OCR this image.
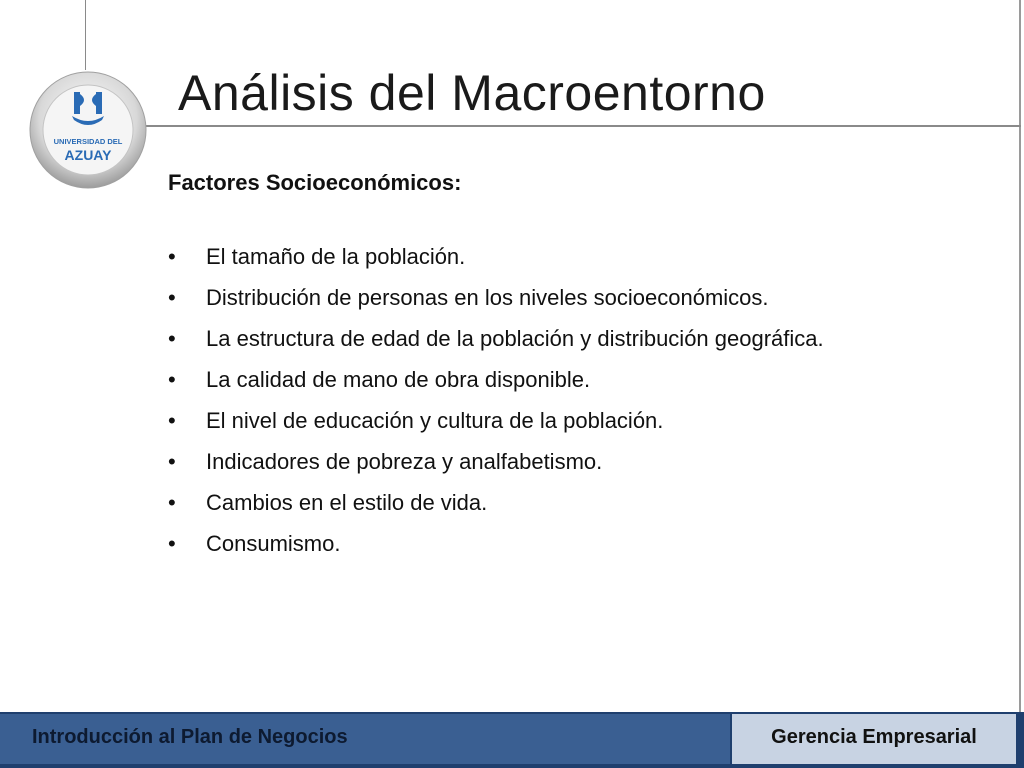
UNIVERSIDAD DEL
AZUAY
Análisis del Macroentorno

Factores Socioeconómicos:

• El tamaño de la población.
• Distribución de personas en los niveles socioeconómicos.
• La estructura de edad de la población y distribución geográfica.
• La calidad de mano de obra disponible.
• El nivel de educación y cultura de la población.
• Indicadores de pobreza y analfabetismo.
• Cambios en el estilo de vida.
• Consumismo.
Introducción al Plan de Negocios	Gerencia Empresarial
